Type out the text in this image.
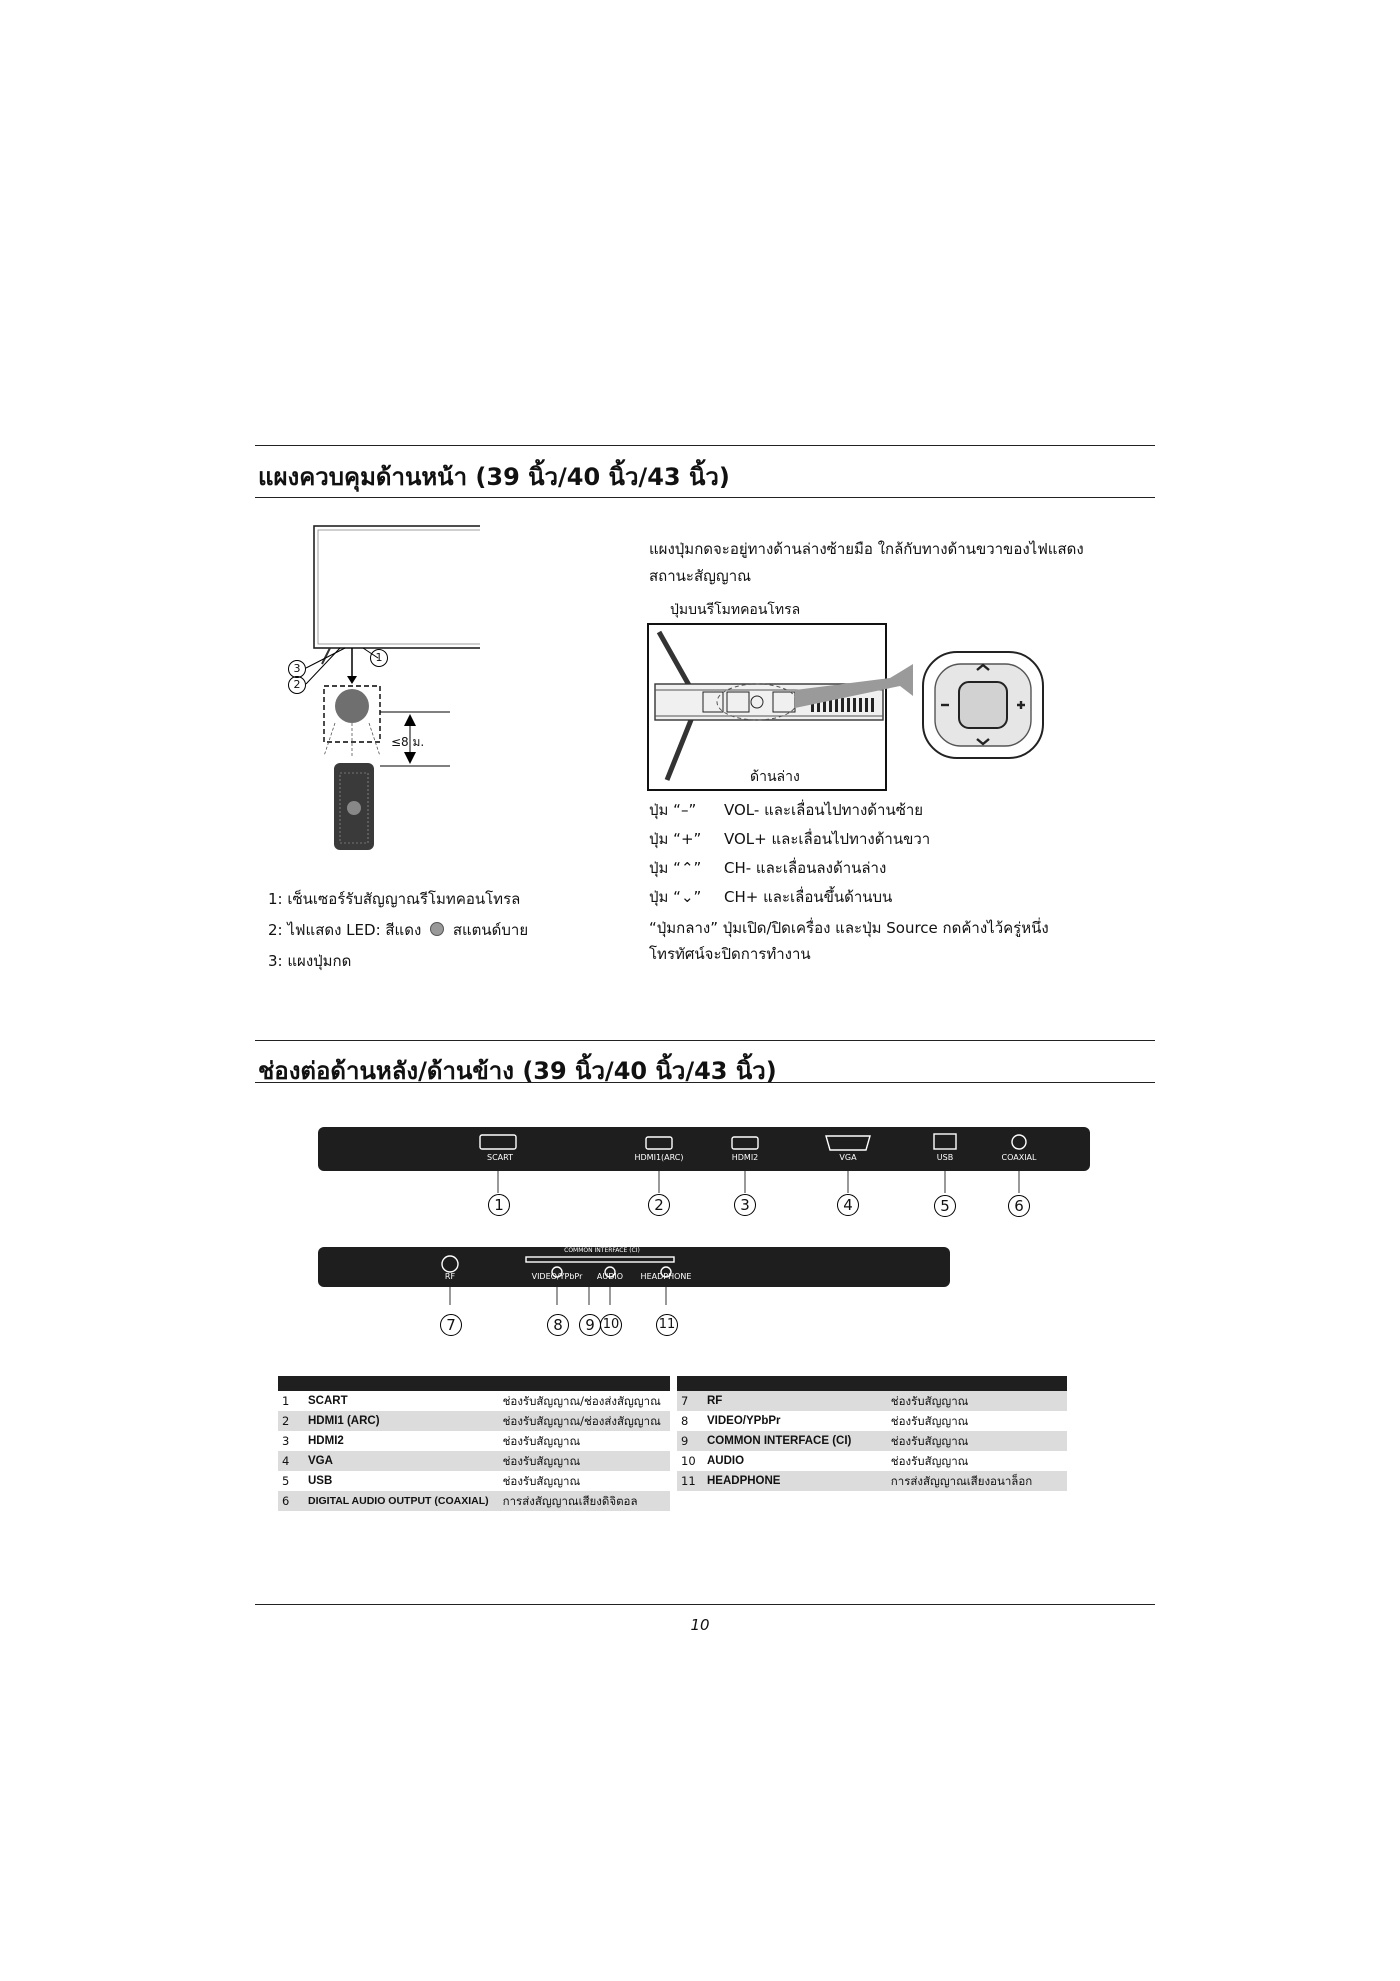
แผงควบคุมด้านหน้า (39 นิ้ว/40 นิ้ว/43 นิ้ว)
≤8 ม.
1
3
2
1: เซ็นเซอร์รับสัญญาณรีโมทคอนโทรล
2: ไฟแสดง LED: สีแดง สแตนด์บาย
3: แผงปุ่มกด
แผงปุ่มกดจะอยู่ทางด้านล่างซ้ายมือ ใกล้กับทางด้านขวาของไฟแสดงสถานะสัญญาณ
ปุ่มบนรีโมทคอนโทรล
ด้านล่าง
ปุ่ม “–” VOL- และเลื่อนไปทางด้านซ้าย
ปุ่ม “+” VOL+ และเลื่อนไปทางด้านขวา
ปุ่ม “⌃” CH- และเลื่อนลงด้านล่าง
ปุ่ม “⌄” CH+ และเลื่อนขึ้นด้านบน
“ปุ่มกลาง” ปุ่มเปิด/ปิดเครื่อง และปุ่ม Source กดค้างไว้ครู่หนึ่ง
โทรทัศน์จะปิดการทำงาน
ช่องต่อด้านหลัง/ด้านข้าง (39 นิ้ว/40 นิ้ว/43 นิ้ว)
SCART	HDMI1(ARC)	HDMI2	VGA	USB	COAXIAL
1	2	3	4	5	6
RF	VIDEO/YPbPr	AUDIO	HEADPHONE
COMMON INTERFACE (CI)
7	8	9 10	11

1	SCART	ช่องรับสัญญาณ/ช่องส่งสัญญาณ
2	HDMI1 (ARC)	ช่องรับสัญญาณ/ช่องส่งสัญญาณ
3	HDMI2	ช่องรับสัญญาณ
4	VGA	ช่องรับสัญญาณ
5	USB	ช่องรับสัญญาณ
6	DIGITAL AUDIO OUTPUT (COAXIAL)	การส่งสัญญาณเสียงดิจิตอล

7	RF	ช่องรับสัญญาณ
8	VIDEO/YPbPr	ช่องรับสัญญาณ
9	COMMON INTERFACE (CI)	ช่องรับสัญญาณ
10	AUDIO	ช่องรับสัญญาณ
11	HEADPHONE	การส่งสัญญาณเสียงอนาล็อก
10
